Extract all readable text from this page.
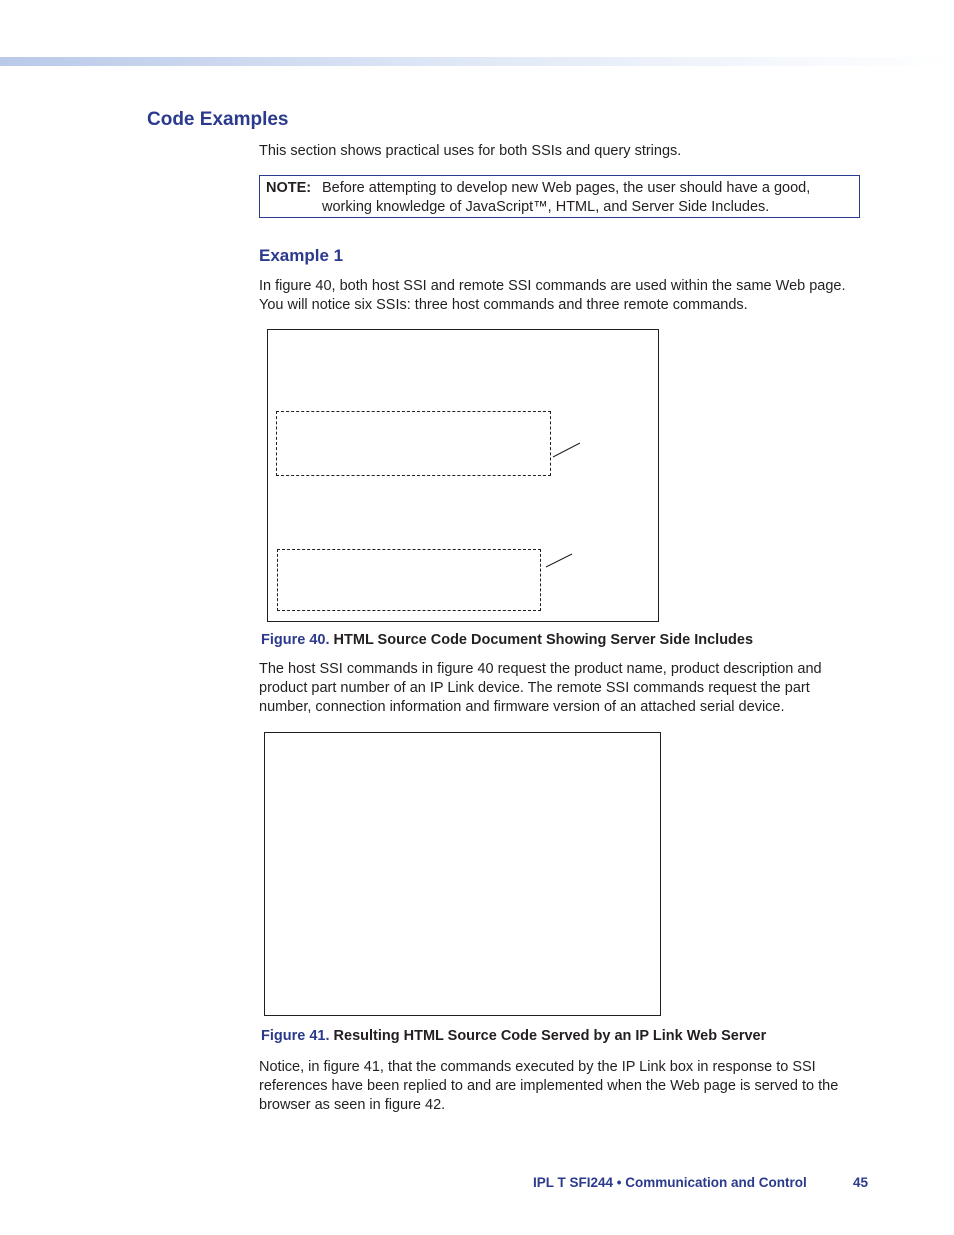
Code Examples

This section shows practical uses for both SSIs and query strings.

NOTE: Before attempting to develop new Web pages, the user should have a good,
working knowledge of JavaScript™, HTML, and Server Side Includes.
Example 1

In figure 40, both host SSI and remote SSI commands are used within the same Web page. You will notice six SSIs: three host commands and three remote commands.

Figure 40. HTML Source Code Document Showing Server Side Includes

The host SSI commands in figure 40 request the product name, product description and product part number of an IP Link device. The remote SSI commands request the part number, connection information and firmware version of an attached serial device.

Figure 41. Resulting HTML Source Code Served by an IP Link Web Server

Notice, in figure 41, that the commands executed by the IP Link box in response to SSI references have been replied to and are implemented when the Web page is served to the browser as seen in figure 42.

IPL T SFI244 • Communication and Control	45
